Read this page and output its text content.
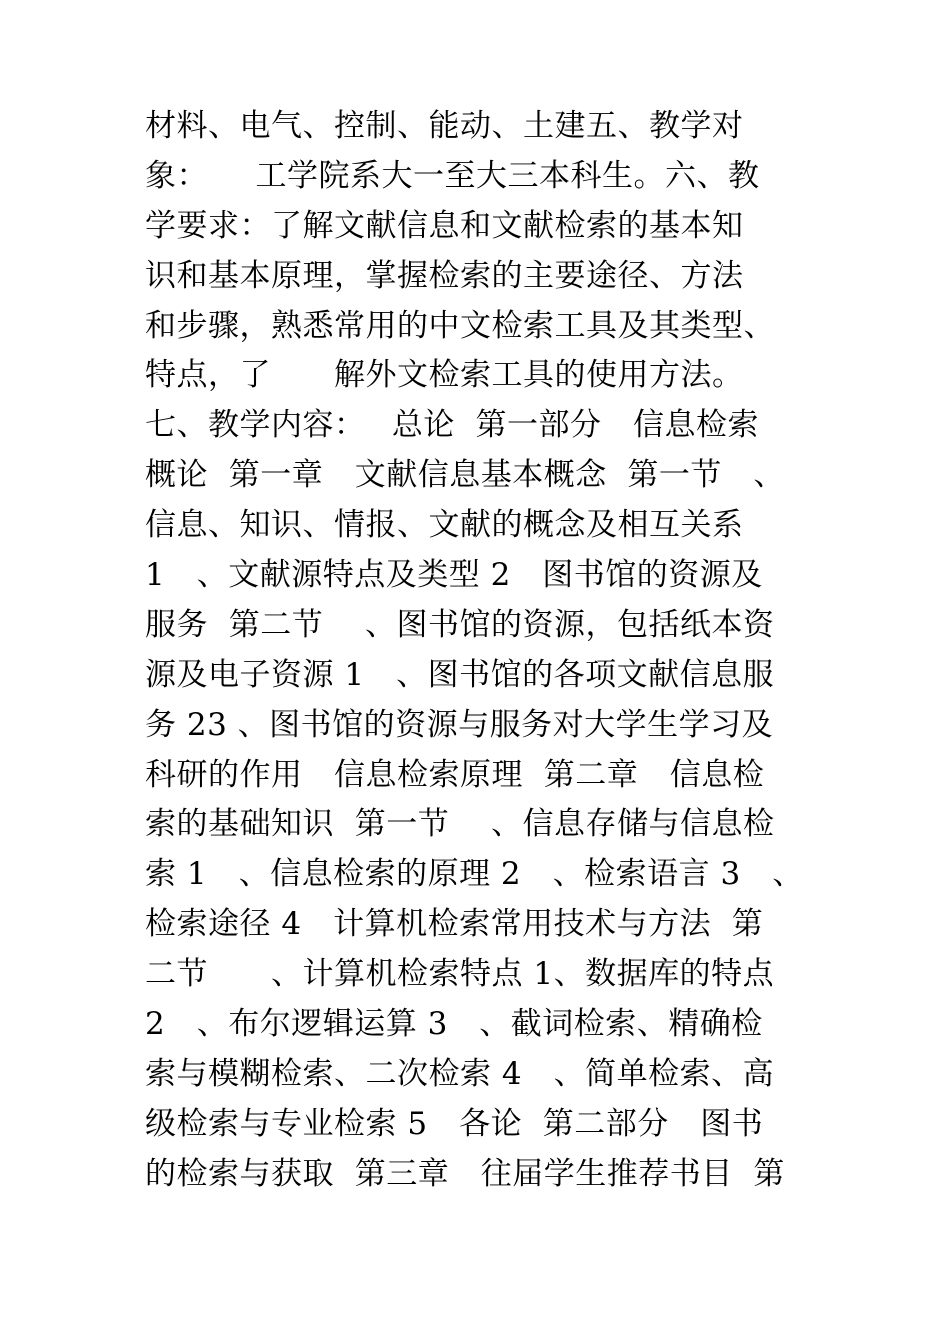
材料、电气、控制、能动、土建五、教学对
象：　　工学院系大一至大三本科生。六、教
学要求：了解文献信息和文献检索的基本知
识和基本原理，掌握检索的主要途径、方法
和步骤，熟悉常用的中文检索工具及其类型、
特点，了　　解外文检索工具的使用方法。
七、教学内容：　 总论  第一部分　信息检索
概论  第一章　文献信息基本概念  第一节　、
信息、知识、情报、文献的概念及相互关系
1　、文献源特点及类型 2　图书馆的资源及
服务  第二节　 、图书馆的资源，包括纸本资
源及电子资源 1　、图书馆的各项文献信息服
务 23 、图书馆的资源与服务对大学生学习及
科研的作用　信息检索原理  第二章　信息检
索的基础知识  第一节　 、信息存储与信息检
索 1　、信息检索的原理 2　、检索语言 3　、
检索途径 4　计算机检索常用技术与方法  第
二节　　、计算机检索特点 1、数据库的特点
2　、布尔逻辑运算 3　、截词检索、精确检
索与模糊检索、二次检索 4　、简单检索、高
级检索与专业检索 5　各论  第二部分　图书
的检索与获取  第三章　往届学生推荐书目  第
